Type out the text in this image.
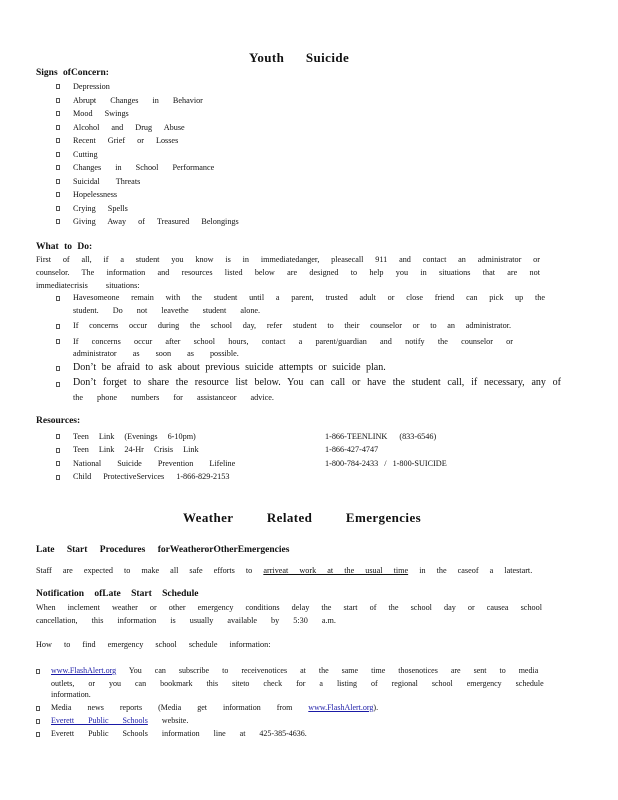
Youth Suicide
Signs ofConcern:
Depression
Abrupt Changes in Behavior
Mood Swings
Alcohol and Drug Abuse
Recent Grief or Losses
Cutting
Changes in School Performance
Suicidal Threats
Hopelessness
Crying Spells
Giving Away of Treasured Belongings
What to Do:
First of all, if a student you know is in immediatedanger, pleasecall 911 and contact an administrator or
counselor. The information and resources listed below are designed to help you in situations that are not
immediatecrisis situations:
Havesomeone remain with the student until a parent, trusted adult or close friend can pick up the
student. Do not leavethe student alone.
If concerns occur during the school day, refer student to their counselor or to an administrator.
If concerns occur after school hours, contact a parent/guardian and notify the counselor or
administrator as soon as possible.
Don’t be afraid to ask about previous suicide attempts or suicide plan.
Don’t forget to share the resource list below. You can call or have the student call, if necessary, any of
the phone numbers for assistanceor advice.
Resources:
Teen Link (Evenings 6-10pm)	1-866-TEENLINK (833-6546)
Teen Link 24-Hr Crisis Link	1-866-427-4747
National Suicide Prevention Lifeline	1-800-784-2433 / 1-800-SUICIDE
Child ProtectiveServices 1-866-829-2153
Weather Related Emergencies
Late Start Procedures forWeatherorOtherEmergencies
Staff are expected to make all safe efforts to arriveat work at the usual time in the caseof a latestart.
Notification ofLate Start Schedule
When inclement weather or other emergency conditions delay the start of the school day or causea school
cancellation, this information is usually available by 5:30 a.m.
How to find emergency school schedule information:
www.FlashAlert.org You can subscribe to receivenotices at the same time thosenotices are sent to media
outlets, or you can bookmark this siteto check for a listing of regional school emergency schedule
information.
Media news reports (Media get information from www.FlashAlert.org).
Everett Public Schools website.
Everett Public Schools information line at 425-385-4636.
